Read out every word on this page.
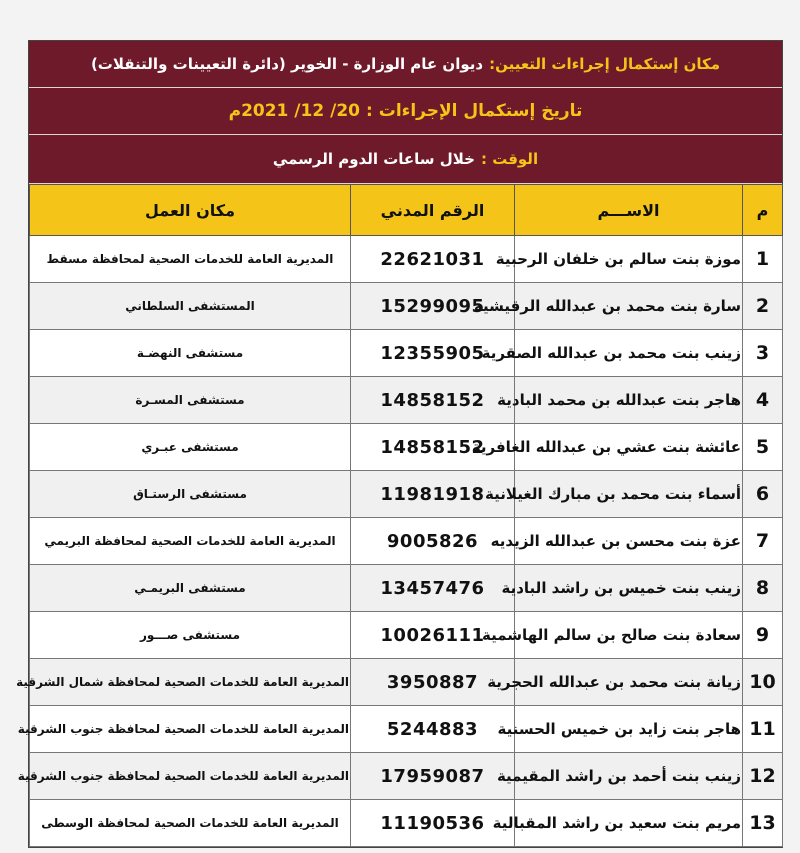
مكان إستكمال إجراءات التعيين:
ديوان عام الوزارة - الخوير (دائرة التعيينات والتنقلات)
تاريخ إستكمال الإجراءات :
20/ 12/ 2021م
الوقت :
خلال ساعات الدوم الرسمي
م	الاســـم	الرقم المدني	مكان العمل
1	موزة بنت سالم بن خلفان الرحبية	22621031	المديرية العامة للخدمات الصحية لمحافظة مسقط
2	سارة بنت محمد بن عبدالله الرقيشية	15299095	المستشفى السلطاني
3	زينب بنت محمد بن عبدالله الصقرية	12355905	مستشفى النهضـة
4	هاجر بنت عبدالله بن محمد البادية	14858152	مستشفى المسـرة
5	عائشة بنت عشي بن عبدالله الغافرية	14858152	مستشفى عبـري
6	أسماء بنت محمد بن مبارك الغيلانية	11981918	مستشفى الرستـاق
7	عزة بنت محسن بن عبدالله الزيديه	9005826	المديرية العامة للخدمات الصحية لمحافظة البريمي
8	زينب بنت خميس بن راشد البادية	13457476	مستشفى البريمـي
9	سعادة بنت صالح بن سالم الهاشمية	10026111	مستشفى صـــور
10	زيانة بنت محمد بن عبدالله الحجرية	3950887	المديرية العامة للخدمات الصحية لمحافظة شمال الشرقية
11	هاجر بنت زايد بن خميس الحسنية	5244883	المديرية العامة للخدمات الصحية لمحافظة جنوب الشرقية
12	زينب بنت أحمد بن راشد المقيمية	17959087	المديرية العامة للخدمات الصحية لمحافظة جنوب الشرقية
13	مريم بنت سعيد بن راشد المقبالية	11190536	المديرية العامة للخدمات الصحية لمحافظة الوسطى
